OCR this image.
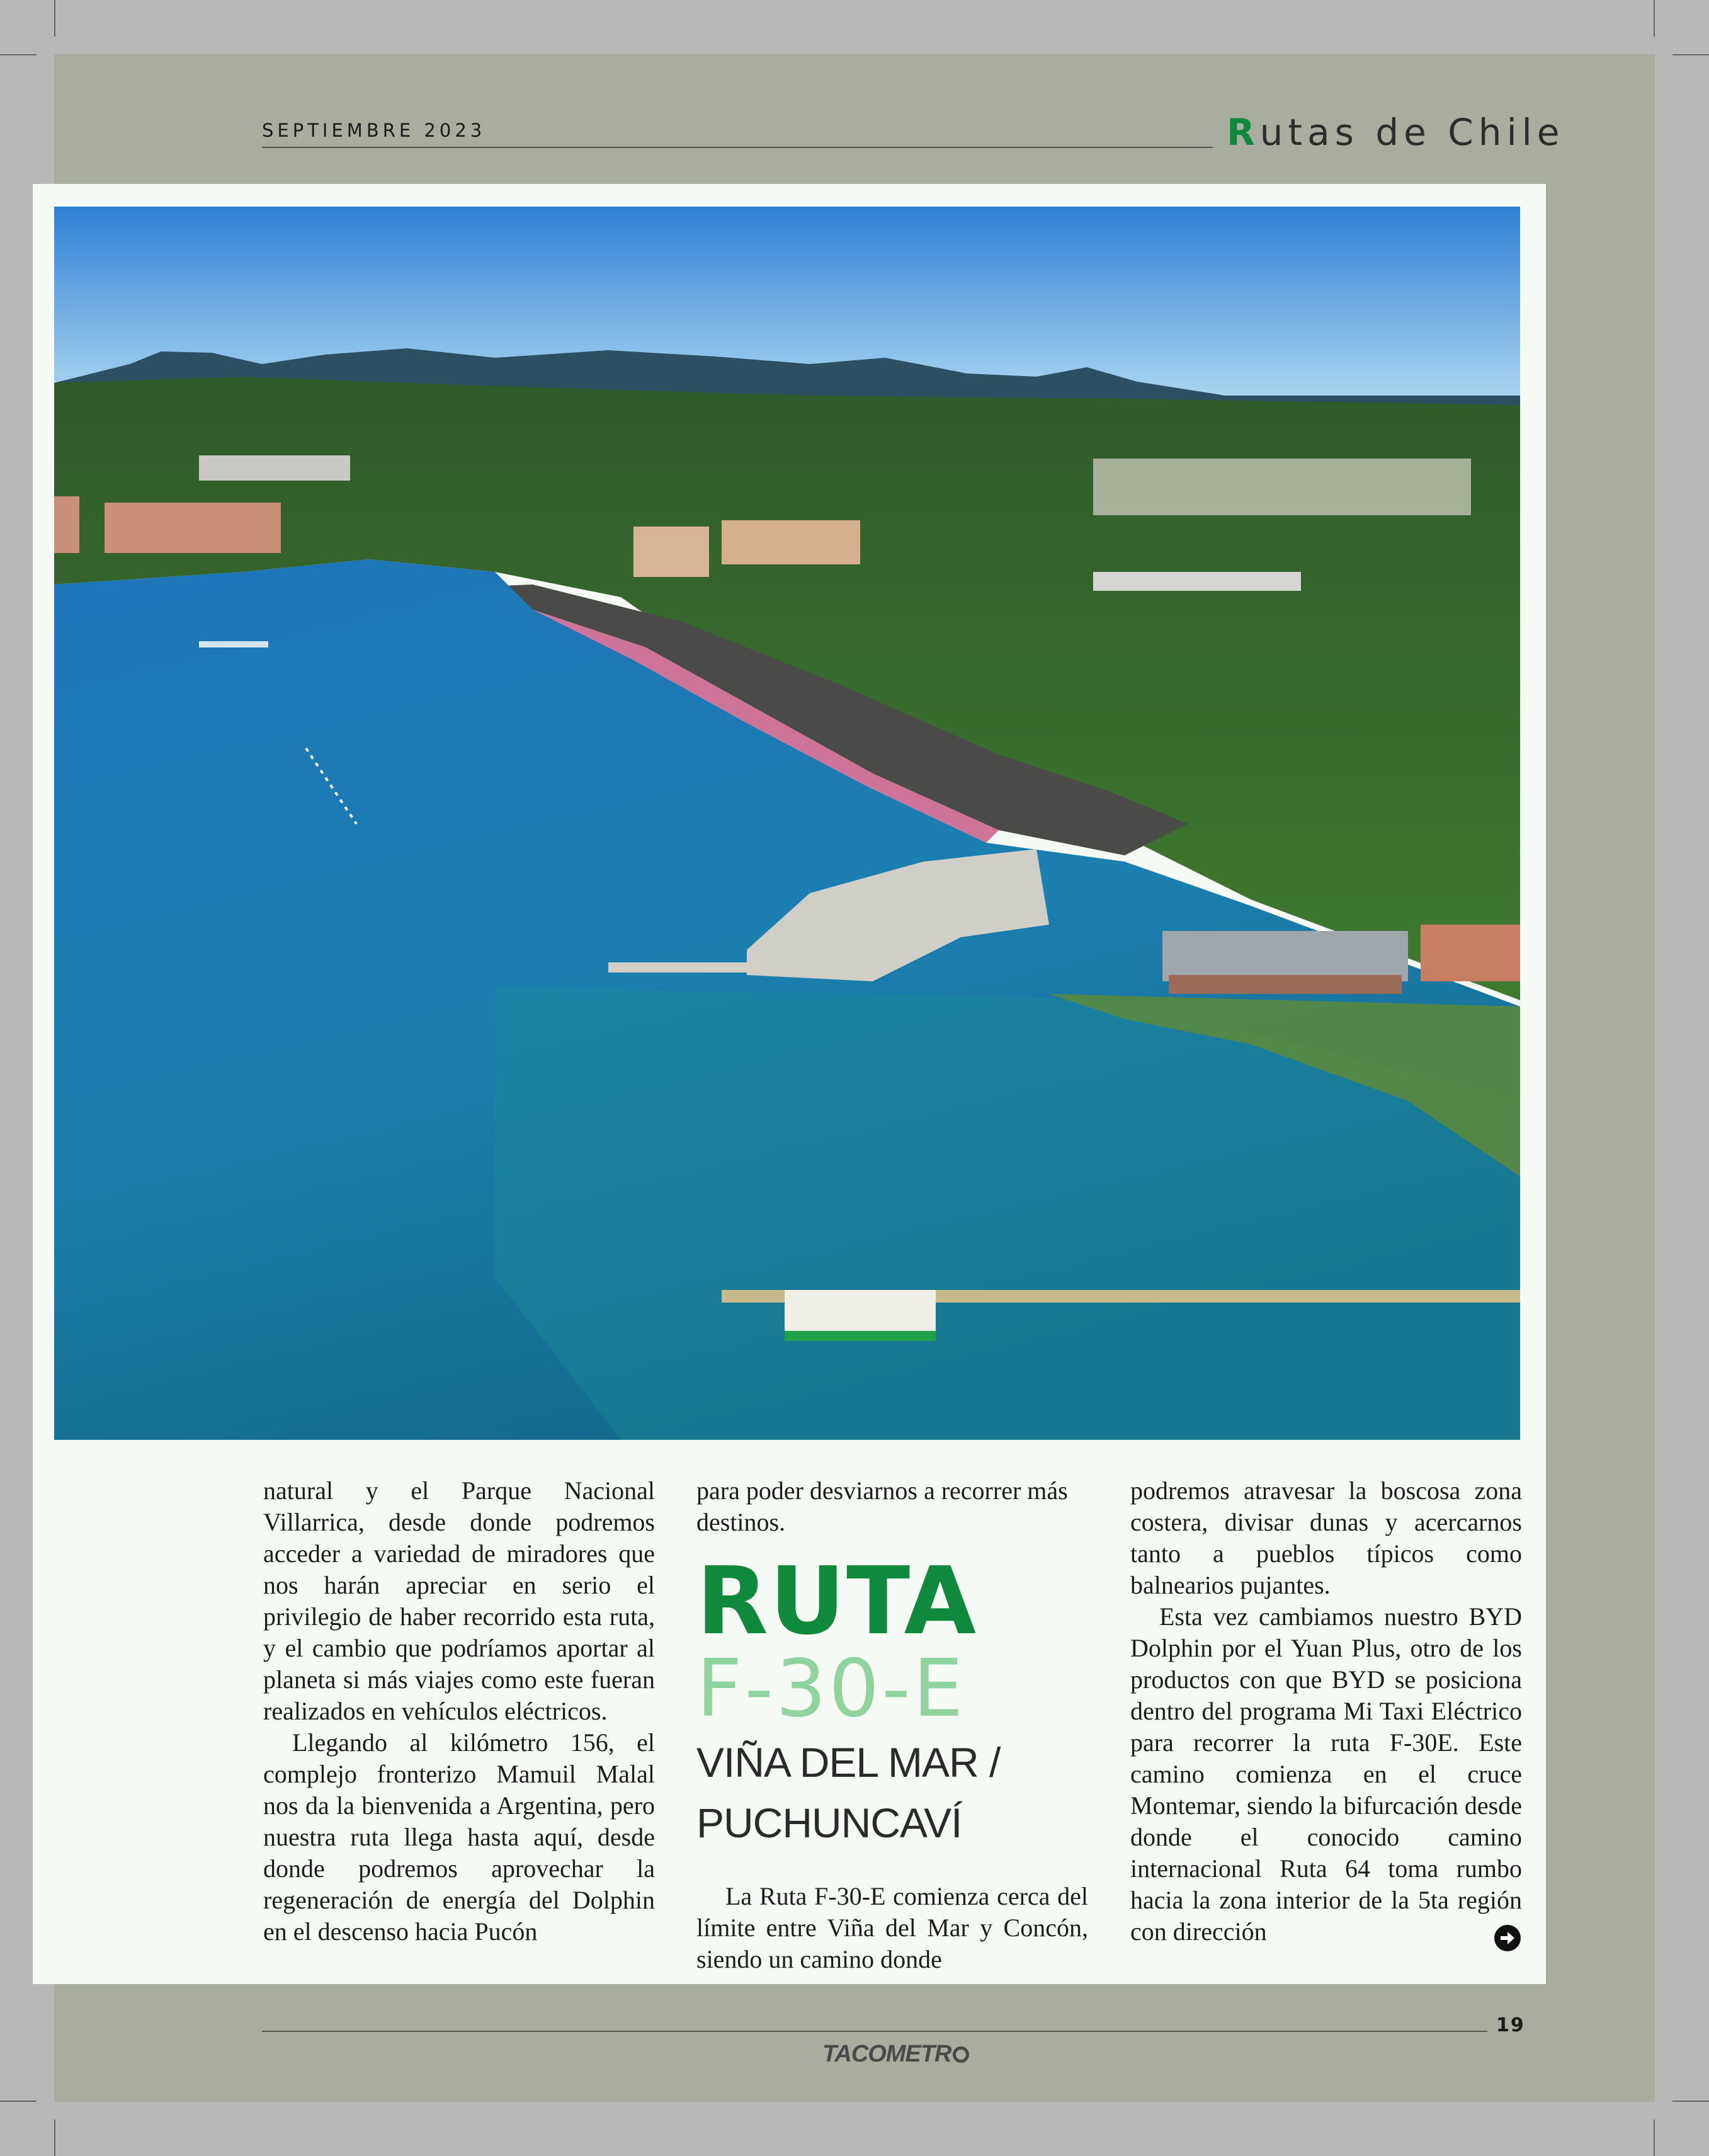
SEPTIEMBRE 2023	Rutas de Chile

natural y el Parque Nacional Villarrica, desde donde podremos acceder a variedad de miradores que nos harán apreciar en serio el privilegio de haber recorrido esta ruta, y el cambio que podríamos aportar al planeta si más viajes como este fueran realizados en vehículos eléctricos.

Llegando al kilómetro 156, el complejo fronterizo Mamuil Malal nos da la bienvenida a Argentina, pero nuestra ruta llega hasta aquí, desde donde podremos aprovechar la regeneración de energía del Dolphin en el descenso hacia Pucón

para poder desviarnos a recorrer más destinos.

RUTA
F-30-E
VIÑA DEL MAR /
PUCHUNCAVÍ

La Ruta F-30-E comienza cerca del límite entre Viña del Mar y Concón, siendo un camino donde

podremos atravesar la boscosa zona costera, divisar dunas y acercarnos tanto a pueblos típicos como balnearios pujantes.

Esta vez cambiamos nuestro BYD Dolphin por el Yuan Plus, otro de los productos con que BYD se posiciona dentro del programa Mi Taxi Eléctrico para recorrer la ruta F-30E. Este camino comienza en el cruce Montemar, siendo la bifurcación desde donde el conocido camino internacional Ruta 64 toma rumbo hacia la zona interior de la 5ta región con dirección

19
TACOMETR
